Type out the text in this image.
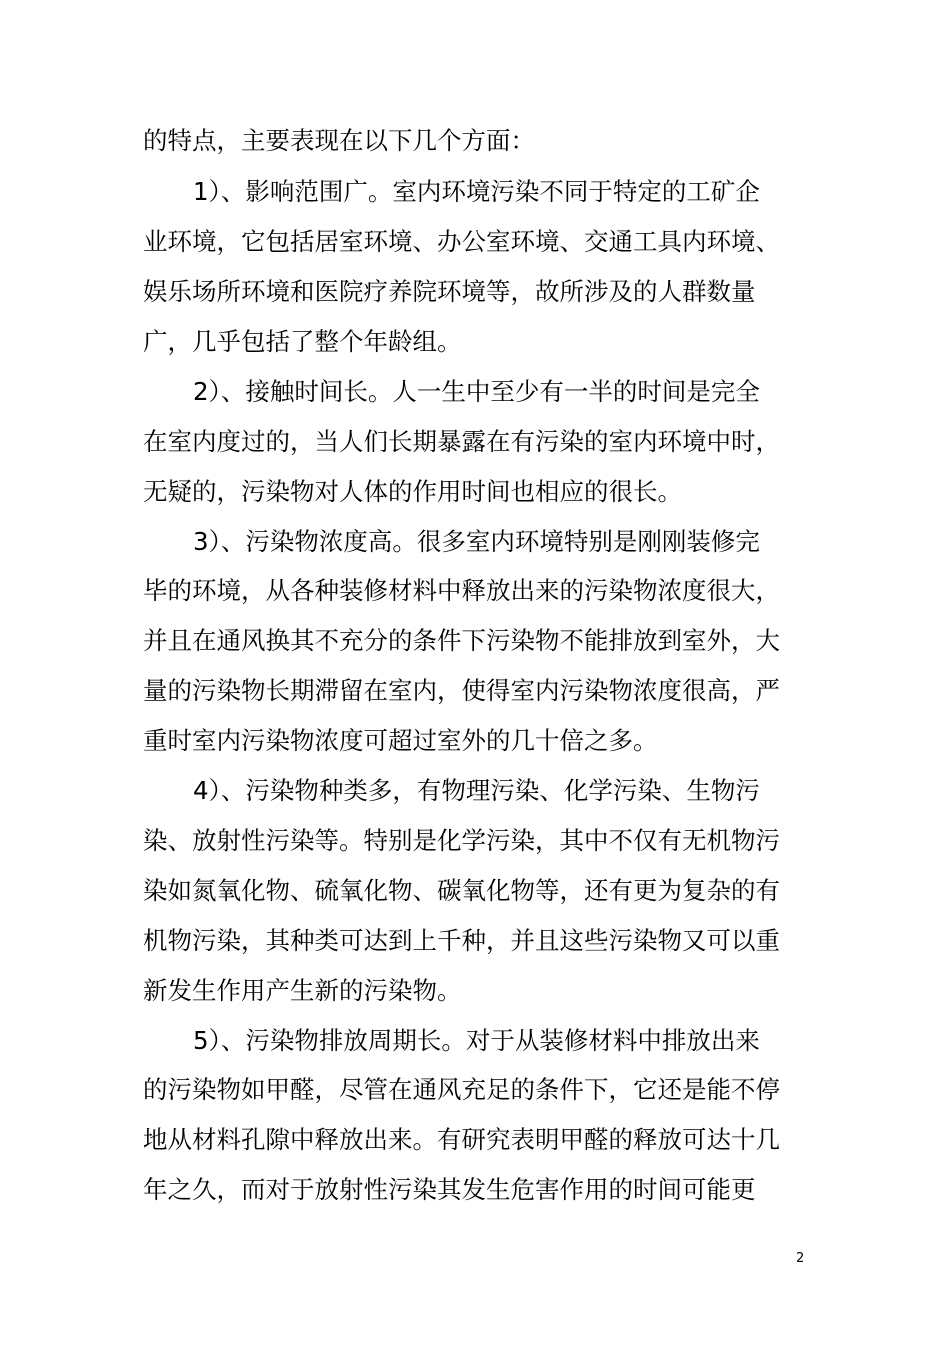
的特点，主要表现在以下几个方面：
1）、影响范围广。室内环境污染不同于特定的工矿企
业环境，它包括居室环境、办公室环境、交通工具内环境、
娱乐场所环境和医院疗养院环境等，故所涉及的人群数量
广，几乎包括了整个年龄组。
2）、接触时间长。人一生中至少有一半的时间是完全
在室内度过的，当人们长期暴露在有污染的室内环境中时，
无疑的，污染物对人体的作用时间也相应的很长。
3）、污染物浓度高。很多室内环境特别是刚刚装修完
毕的环境，从各种装修材料中释放出来的污染物浓度很大，
并且在通风换其不充分的条件下污染物不能排放到室外，大
量的污染物长期滞留在室内，使得室内污染物浓度很高，严
重时室内污染物浓度可超过室外的几十倍之多。
4）、污染物种类多，有物理污染、化学污染、生物污
染、放射性污染等。特别是化学污染，其中不仅有无机物污
染如氮氧化物、硫氧化物、碳氧化物等，还有更为复杂的有
机物污染，其种类可达到上千种，并且这些污染物又可以重
新发生作用产生新的污染物。
5）、污染物排放周期长。对于从装修材料中排放出来
的污染物如甲醛，尽管在通风充足的条件下，它还是能不停
地从材料孔隙中释放出来。有研究表明甲醛的释放可达十几
年之久，而对于放射性污染其发生危害作用的时间可能更
2
